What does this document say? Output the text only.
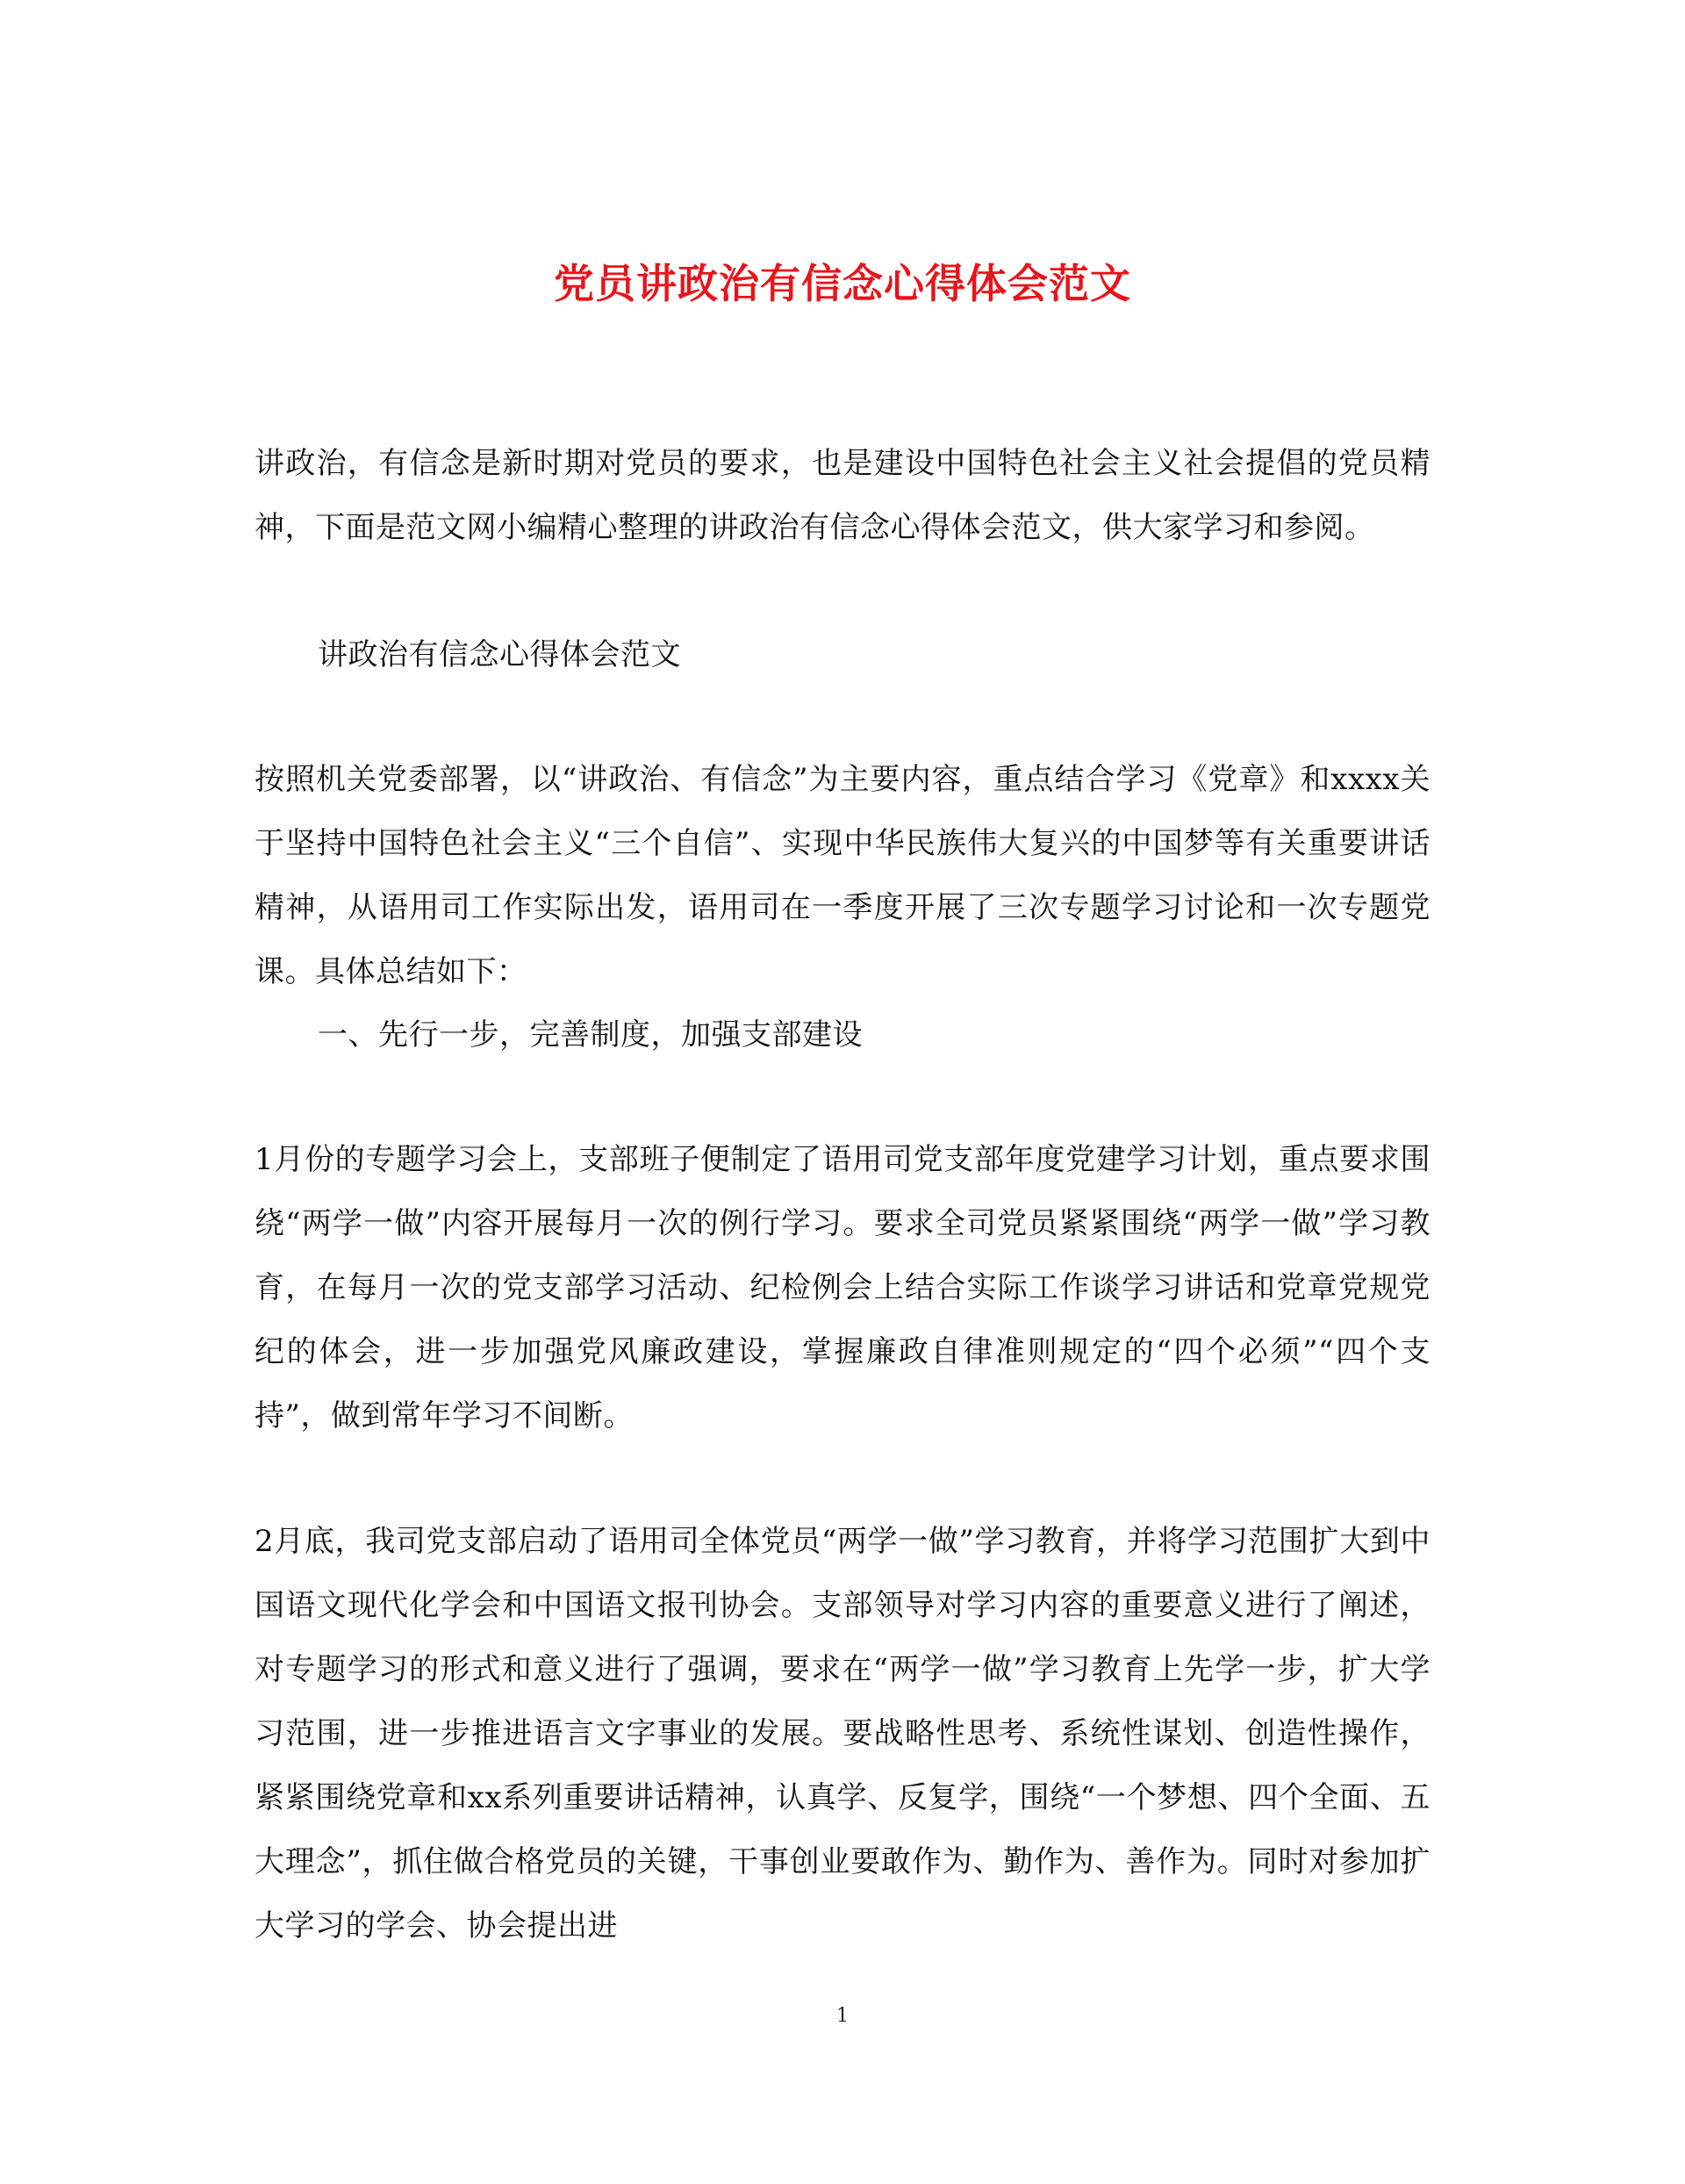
党员讲政治有信念心得体会范文

讲政治，有信念是新时期对党员的要求，也是建设中国特色社会主义社会提倡的党员精神，下面是范文网小编精心整理的讲政治有信念心得体会范文，供大家学习和参阅。

讲政治有信念心得体会范文

按照机关党委部署，以“讲政治、有信念”为主要内容，重点结合学习《党章》和xxxx关于坚持中国特色社会主义“三个自信”、实现中华民族伟大复兴的中国梦等有关重要讲话精神，从语用司工作实际出发，语用司在一季度开展了三次专题学习讨论和一次专题党课。具体总结如下：

一、先行一步，完善制度，加强支部建设

1月份的专题学习会上，支部班子便制定了语用司党支部年度党建学习计划，重点要求围绕“两学一做”内容开展每月一次的例行学习。要求全司党员紧紧围绕“两学一做”学习教育，在每月一次的党支部学习活动、纪检例会上结合实际工作谈学习讲话和党章党规党纪的体会，进一步加强党风廉政建设，掌握廉政自律准则规定的“四个必须”“四个支持”，做到常年学习不间断。

2月底，我司党支部启动了语用司全体党员“两学一做”学习教育，并将学习范围扩大到中国语文现代化学会和中国语文报刊协会。支部领导对学习内容的重要意义进行了阐述，对专题学习的形式和意义进行了强调，要求在“两学一做”学习教育上先学一步，扩大学习范围，进一步推进语言文字事业的发展。要战略性思考、系统性谋划、创造性操作，紧紧围绕党章和xx系列重要讲话精神，认真学、反复学，围绕“一个梦想、四个全面、五大理念”，抓住做合格党员的关键，干事创业要敢作为、勤作为、善作为。同时对参加扩大学习的学会、协会提出进

1
